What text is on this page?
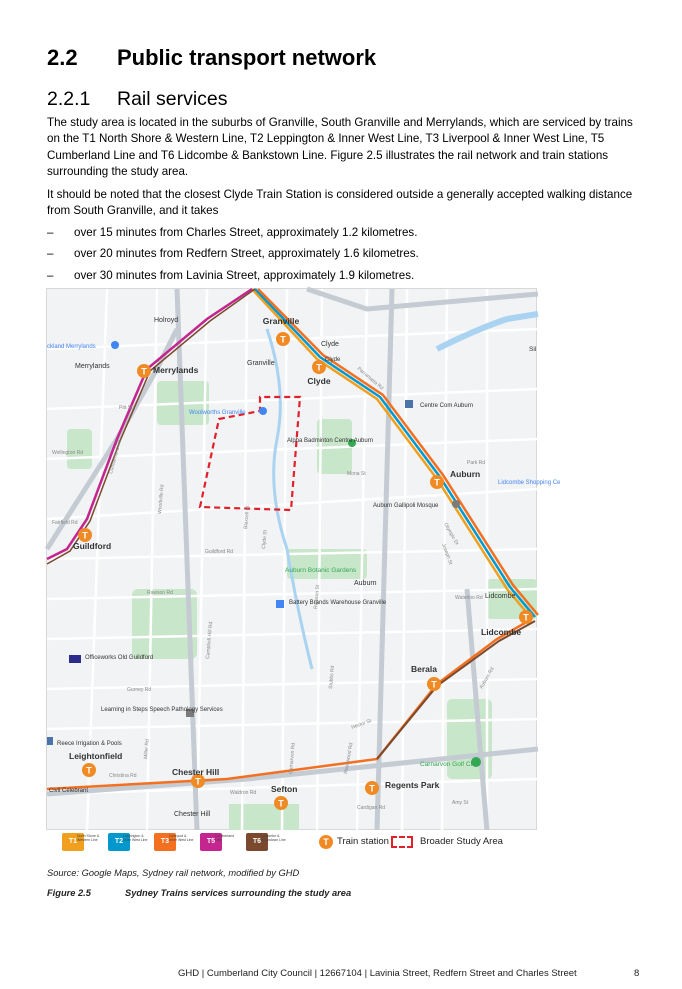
2.2	Public transport network
2.2.1	Rail services

The study area is located in the suburbs of Granville, South Granville and Merrylands, which are serviced by trains on the T1 North Shore & Western Line, T2 Leppington & Inner West Line, T3 Liverpool & Inner West Line, T5 Cumberland Line and T6 Lidcombe & Bankstown Line. Figure 2.5 illustrates the rail network and train stations surrounding the study area.

It should be noted that the closest Clyde Train Station is considered outside a generally accepted walking distance from South Granville, and it takes

–	over 15 minutes from Charles Street, approximately 1.2 kilometres.
–	over 20 minutes from Redfern Street, approximately 1.6 kilometres.
–	over 30 minutes from Lavinia Street, approximately 1.9 kilometres.
T
T
T
T
T
T
T
T
T
T
T
Granville
Clyde
Merrylands
Auburn
Guildford
Lidcombe
Berala
Leightonfield
Chester Hill
Sefton	Regents Park
Holroyd
Merrylands	Granville
Clyde
Auburn
Lidcombe
Chester Hill
Woolworths Granville
Centre Com Auburn
Alpha Badminton Centre Auburn
Auburn Gallipoli Mosque
Auburn Botanic Gardens
Battery Brands Warehouse Granville
Officeworks Old Guildford
Learning in Steps Speech Pathology Services
Reece Irrigation & Pools
Civil Celebrant
Carnarvon Golf Club
Lidcombe Shopping Ce
Clyde
Sil
ckland Merrylands
Pitt St
Woodville Rd
Rawson Rd
Guildford Rd
Gurney Rd
Christina Rd
Waldron Rd
Campbell Hill Rd
Miller Rd	Rookwood Rd
Parramatta Rd
Mona St
Park Rd
Olympic Dr
Wellington Rd
Fairfield Rd
Clyde St
Blaxcell St
Rawson St
Stubbs Rd
Hector St
Amy St
Waterloo Rd
Carnarvon Rd
Cardigan Rd
Joseph St
Auburn Rd
Cumberland Rd
T1
North Shore & Western Line	T2
Leppington & Inner West Line	T3
Liverpool & Inner West Line	T5
Cumberland Line	T6
Lidcombe & Bankstown Line	T Train station	Broader Study Area

Source: Google Maps, Sydney rail network, modified by GHD

Figure 2.5	Sydney Trains services surrounding the study area
GHD | Cumberland City Council | 12667104 | Lavinia Street, Redfern Street and Charles Street	8
